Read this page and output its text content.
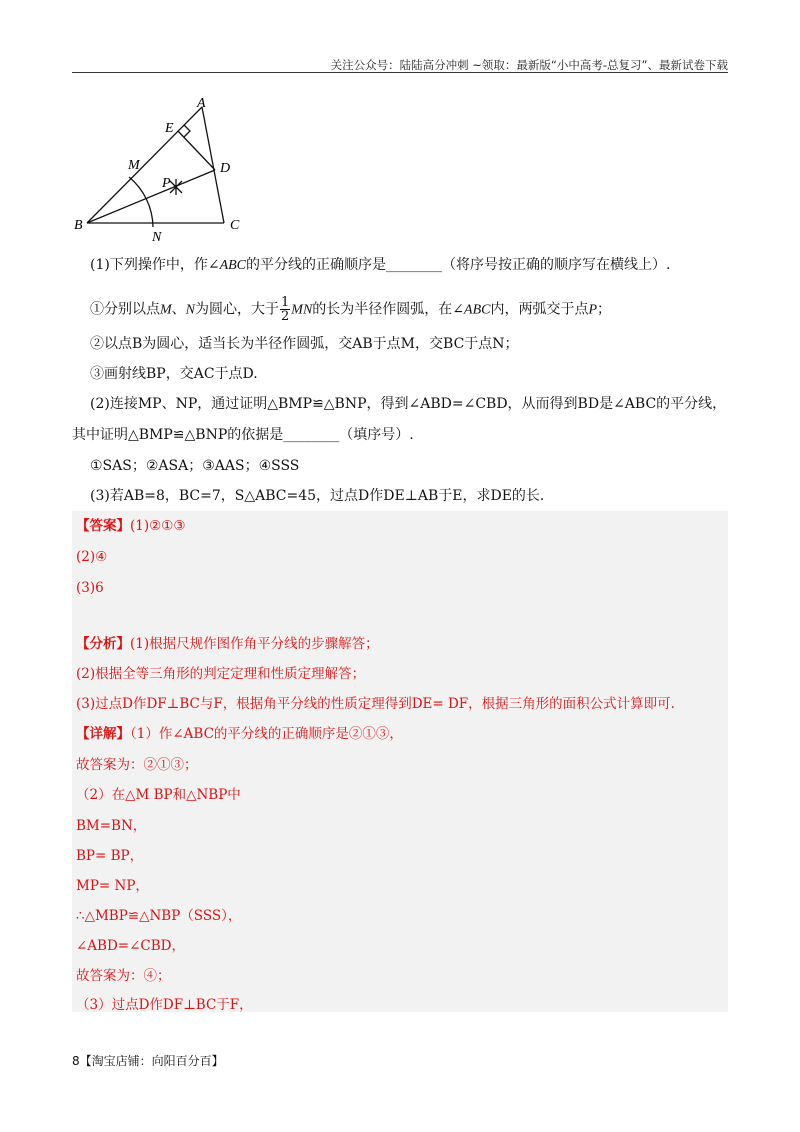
关注公众号：陆陆高分冲刺 ~领取：最新版“小中高考-总复习”、最新试卷下载
A
E
M	D
P
B
N
C
(1)下列操作中，作∠ABC的平分线的正确顺序是________（将序号按正确的顺序写在横线上）.
①分别以点M、N为圆心，大于 $\frac{1}{2}$ MN的长为半径作圆弧，在∠ABC内，两弧交于点P；
②以点B为圆心，适当长为半径作圆弧，交AB于点M，交BC于点N；
③画射线BP，交AC于点D.
(2)连接MP、NP，通过证明△BMP≌△BNP，得到∠ABD=∠CBD，从而得到BD是∠ABC的平分线，
其中证明△BMP≌△BNP的依据是________（填序号）.
①SAS；②ASA；③AAS；④SSS
(3)若AB=8，BC=7，S△ABC=45，过点D作DE⊥AB于E，求DE的长.
【答案】(1)②①③
(2)④
(3)6
【分析】(1)根据尺规作图作角平分线的步骤解答；
(2)根据全等三角形的判定定理和性质定理解答；
(3)过点D作DF⊥BC与F，根据角平分线的性质定理得到DE= DF，根据三角形的面积公式计算即可.
【详解】（1）作∠ABC的平分线的正确顺序是②①③，
故答案为：②①③；
（2）在△M BP和△NBP中
BM=BN，
BP= BP，
MP= NP，
∴△MBP≌△NBP（SSS），
∠ABD=∠CBD，
故答案为：④；
（3）过点D作DF⊥BC于F，
8【淘宝店铺：向阳百分百】
